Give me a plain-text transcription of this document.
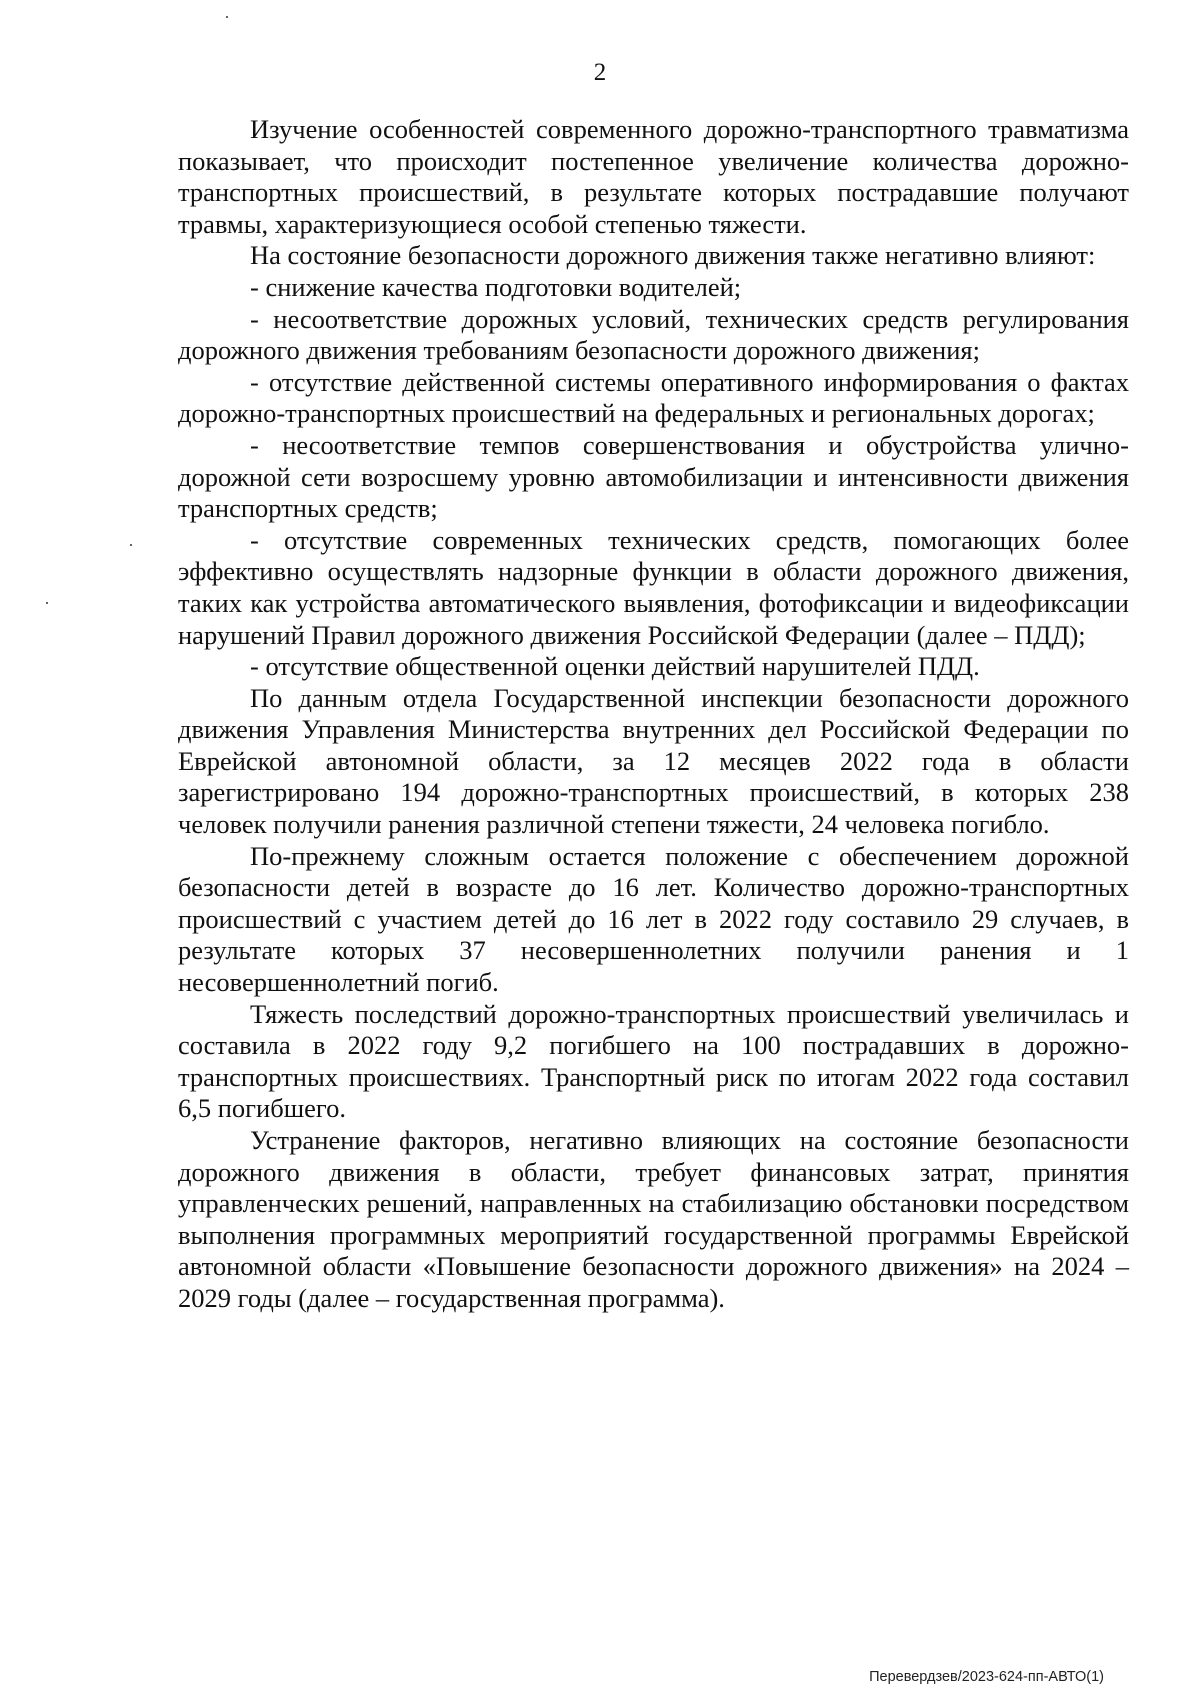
2

Изучение особенностей современного дорожно-транспортного травматизма показывает, что происходит постепенное увеличение количества дорожно-транспортных происшествий, в результате которых пострадавшие получают травмы, характеризующиеся особой степенью тяжести.

На состояние безопасности дорожного движения также негативно влияют:

- снижение качества подготовки водителей;

- несоответствие дорожных условий, технических средств регулирования дорожного движения требованиям безопасности дорожного движения;

- отсутствие действенной системы оперативного информирования о фактах дорожно-транспортных происшествий на федеральных и региональных дорогах;

- несоответствие темпов совершенствования и обустройства улично-дорожной сети возросшему уровню автомобилизации и интенсивности движения транспортных средств;

- отсутствие современных технических средств, помогающих более эффективно осуществлять надзорные функции в области дорожного движения, таких как устройства автоматического выявления, фотофиксации и видеофиксации нарушений Правил дорожного движения Российской Федерации (далее – ПДД);

- отсутствие общественной оценки действий нарушителей ПДД.

По данным отдела Государственной инспекции безопасности дорожного движения Управления Министерства внутренних дел Российской Федерации по Еврейской автономной области, за 12 месяцев 2022 года в области зарегистрировано 194 дорожно-транспортных происшествий, в которых 238 человек получили ранения различной степени тяжести, 24 человека погибло.

По-прежнему сложным остается положение с обеспечением дорожной безопасности детей в возрасте до 16 лет. Количество дорожно-транспортных происшествий с участием детей до 16 лет в 2022 году составило 29 случаев, в результате которых 37 несовершеннолетних получили ранения и 1 несовершеннолетний погиб.

Тяжесть последствий дорожно-транспортных происшествий увеличилась и составила в 2022 году 9,2 погибшего на 100 пострадавших в дорожно-транспортных происшествиях. Транспортный риск по итогам 2022 года составил 6,5 погибшего.

Устранение факторов, негативно влияющих на состояние безопасности дорожного движения в области, требует финансовых затрат, принятия управленческих решений, направленных на стабилизацию обстановки посредством выполнения программных мероприятий государственной программы Еврейской автономной области «Повышение безопасности дорожного движения» на 2024 – 2029 годы (далее – государственная программа).

Перевердзев/2023-624-пп-АВТО(1)
